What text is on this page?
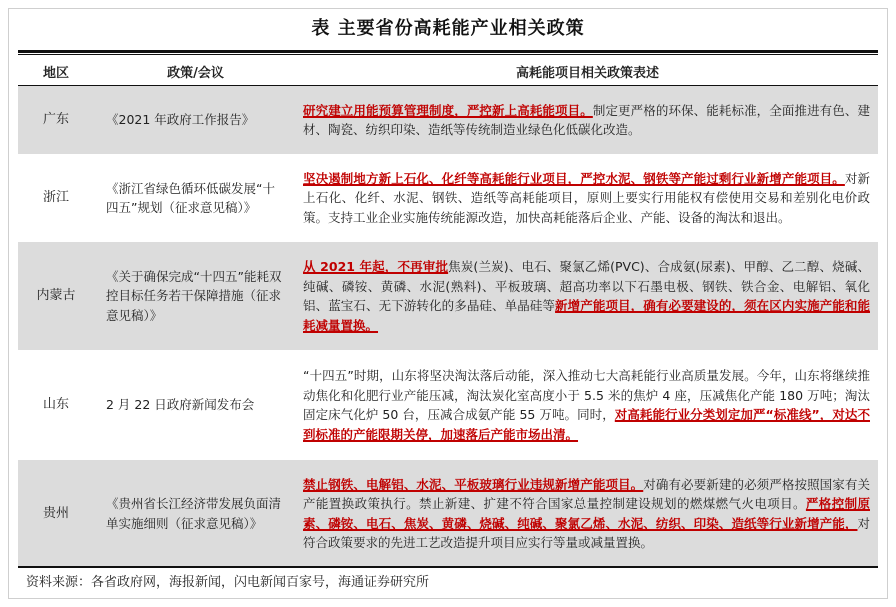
表 主要省份高耗能产业相关政策
地区	政策/会议	高耗能项目相关政策表述
广东	《2021 年政府工作报告》	研究建立用能预算管理制度，严控新上高耗能项目。制定更严格的环保、能耗标准，全面推进有色、建材、陶瓷、纺织印染、造纸等传统制造业绿色化低碳化改造。
浙江	《浙江省绿色循环低碳发展“十四五”规划（征求意见稿）》	坚决遏制地方新上石化、化纤等高耗能行业项目，严控水泥、钢铁等产能过剩行业新增产能项目。对新上石化、化纤、水泥、钢铁、造纸等高耗能项目，原则上要实行用能权有偿使用交易和差别化电价政策。支持工业企业实施传统能源改造，加快高耗能落后企业、产能、设备的淘汰和退出。
内蒙古	《关于确保完成“十四五”能耗双控目标任务若干保障措施（征求意见稿）》	从 2021 年起，不再审批焦炭(兰炭)、电石、聚氯乙烯(PVC)、合成氨(尿素)、甲醇、乙二醇、烧碱、纯碱、磷铵、黄磷、水泥(熟料)、平板玻璃、超高功率以下石墨电极、钢铁、铁合金、电解铝、氧化铝、蓝宝石、无下游转化的多晶硅、单晶硅等新增产能项目，确有必要建设的，须在区内实施产能和能耗减量置换。
山东	2 月 22 日政府新闻发布会	“十四五”时期，山东将坚决淘汰落后动能，深入推动七大高耗能行业高质量发展。今年，山东将继续推动焦化和化肥行业产能压减，淘汰炭化室高度小于 5.5 米的焦炉 4 座，压减焦化产能 180 万吨；淘汰固定床气化炉 50 台，压减合成氨产能 55 万吨。同时，对高耗能行业分类划定加严“标准线”，对达不到标准的产能限期关停，加速落后产能市场出清。
贵州	《贵州省长江经济带发展负面清单实施细则（征求意见稿）》	禁止钢铁、电解铝、水泥、平板玻璃行业违规新增产能项目。对确有必要新建的必须严格按照国家有关产能置换政策执行。禁止新建、扩建不符合国家总量控制建设规划的燃煤燃气火电项目。严格控制原素、磷铵、电石、焦炭、黄磷、烧碱、纯碱、聚氯乙烯、水泥、纺织、印染、造纸等行业新增产能，对符合政策要求的先进工艺改造提升项目应实行等量或减量置换。
资料来源：各省政府网，海报新闻，闪电新闻百家号，海通证券研究所
